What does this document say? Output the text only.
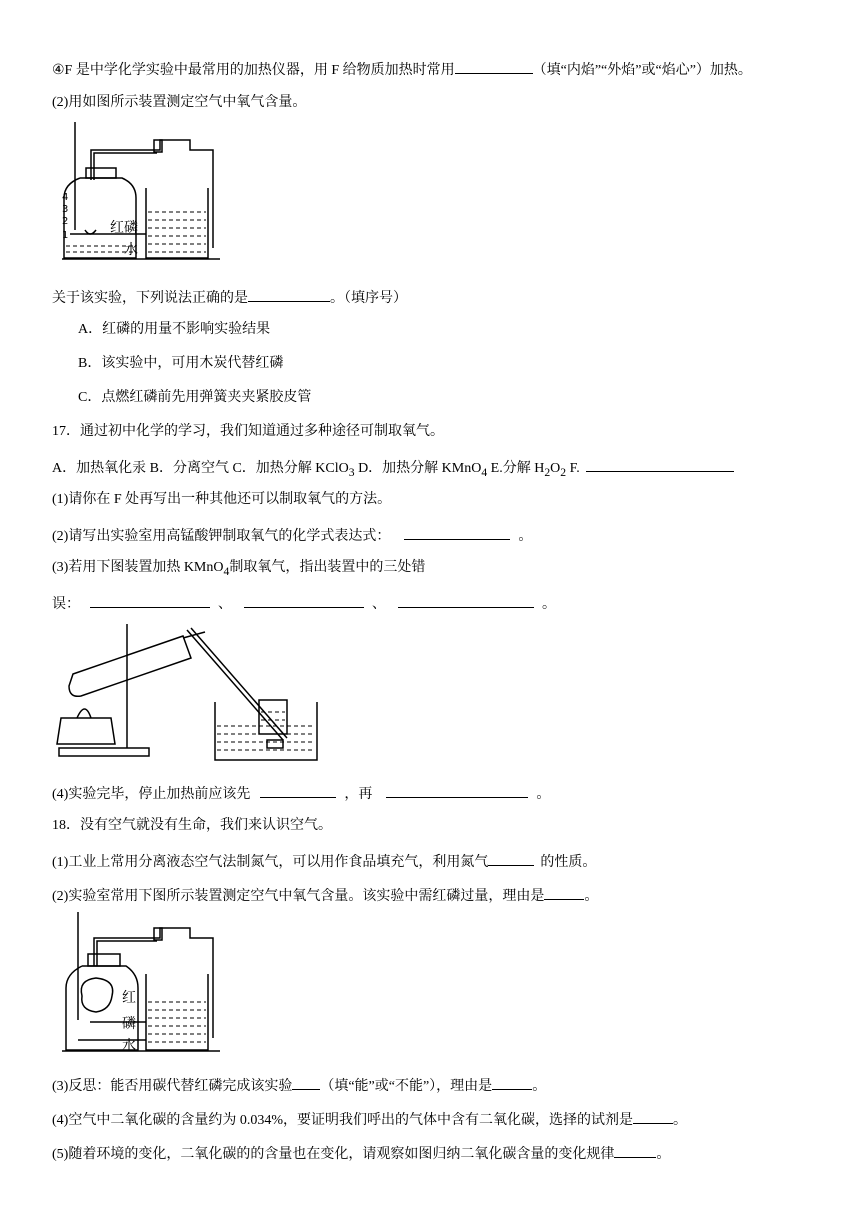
④F 是中学化学实验中最常用的加热仪器，用 F 给物质加热时常用	（填“内焰”“外焰”或“焰心”）加热。
(2)用如图所示装置测定空气中氧气含量。
4
3
2
1	红磷
水
关于该实验，下列说法正确的是	。（填序号）
A．红磷的用量不影响实验结果
B．该实验中，可用木炭代替红磷
C．点燃红磷前先用弹簧夹夹紧胶皮管
17．通过初中化学的学习，我们知道通过多种途径可制取氧气。
A．加热氧化汞 B．分离空气 C．加热分解 KClO$_3$ D．加热分解 KMnO$_4$ E.分解 $H_2O_2$ F.
(1)请你在 F 处再写出一种其他还可以制取氧气的方法。
(2)请写出实验室用高锰酸钾制取氧气的化学式表达式：	。
(3)若用下图装置加热 KMnO$_4$制取氧气，指出装置中的三处错
误：	、	、	。
(4)实验完毕，停止加热前应该先	，再	。
18．没有空气就没有生命，我们来认识空气。
(1)工业上常用分离液态空气法制氮气，可以用作食品填充气，利用氮气	的性质。
(2)实验室常用下图所示装置测定空气中氧气含量。该实验中需红磷过量，理由是	。
红
磷
水
(3)反思：能否用碳代替红磷完成该实验 （填“能”或“不能”），理由是	。
(4)空气中二氧化碳的含量约为 0.034%，要证明我们呼出的气体中含有二氧化碳，选择的试剂是	。
(5)随着环境的变化，二氧化碳的的含量也在变化，请观察如图归纳二氧化碳含量的变化规律	。
